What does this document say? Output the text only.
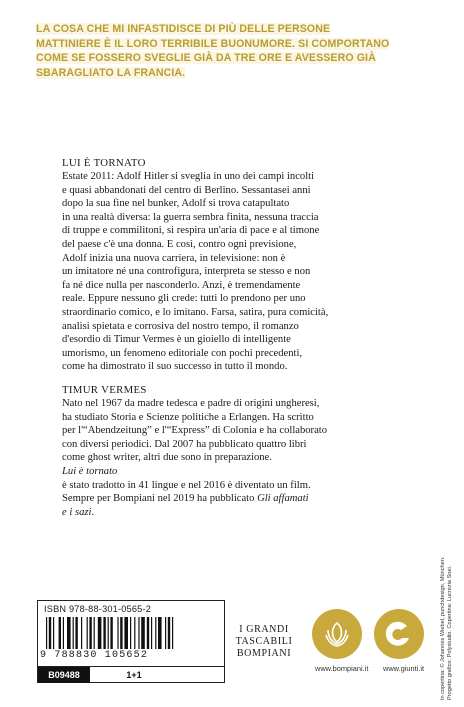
LA COSA CHE MI INFASTIDISCE DI PIÙ DELLE PERSONE
MATTINIERE È IL LORO TERRIBILE BUONUMORE. SI COMPORTANO
COME SE FOSSERO SVEGLIE GIÀ DA TRE ORE E AVESSERO GIÀ
SBARAGLIATO LA FRANCIA.
LUI È TORNATO
Estate 2011: Adolf Hitler si sveglia in uno dei campi incolti
e quasi abbandonati del centro di Berlino. Sessantasei anni
dopo la sua fine nel bunker, Adolf si trova catapultato
in una realtà diversa: la guerra sembra finita, nessuna traccia
di truppe e commilitoni, si respira un'aria di pace e al timone
del paese c'è una donna. E così, contro ogni previsione,
Adolf inizia una nuova carriera, in televisione: non è
un imitatore né una controfigura, interpreta se stesso e non
fa né dice nulla per nasconderlo. Anzi, è tremendamente
reale. Eppure nessuno gli crede: tutti lo prendono per uno
straordinario comico, e lo imitano. Farsa, satira, pura comicità,
analisi spietata e corrosiva del nostro tempo, il romanzo
d'esordio di Timur Vermes è un gioiello di intelligente
umorismo, un fenomeno editoriale con pochi precedenti,
come ha dimostrato il suo successo in tutto il mondo.
TIMUR VERMES
Nato nel 1967 da madre tedesca e padre di origini ungheresi,
ha studiato Storia e Scienze politiche a Erlangen. Ha scritto
per l'“Abendzeitung” e l'“Express” di Colonia e ha collaborato
con diversi periodici. Dal 2007 ha pubblicato quattro libri
come ghost writer, altri due sono in preparazione.
Lui è tornato
è stato tradotto in 41 lingue e nel 2016 è diventato un film.
Sempre per Bompiani nel 2019 ha pubblicato Gli affamati
e i sazi.
ISBN 978-88-301-0565-2
9 788830 105652
B09488	1+1
I GRANDI
TASCABILI
BOMPIANI
www.bompiani.it www.giunti.it	In copertina: © Johannes Wiebel, punchdesign, München. Progetto grafico: Polystudio. Copertina: Lucrezia Soei.
